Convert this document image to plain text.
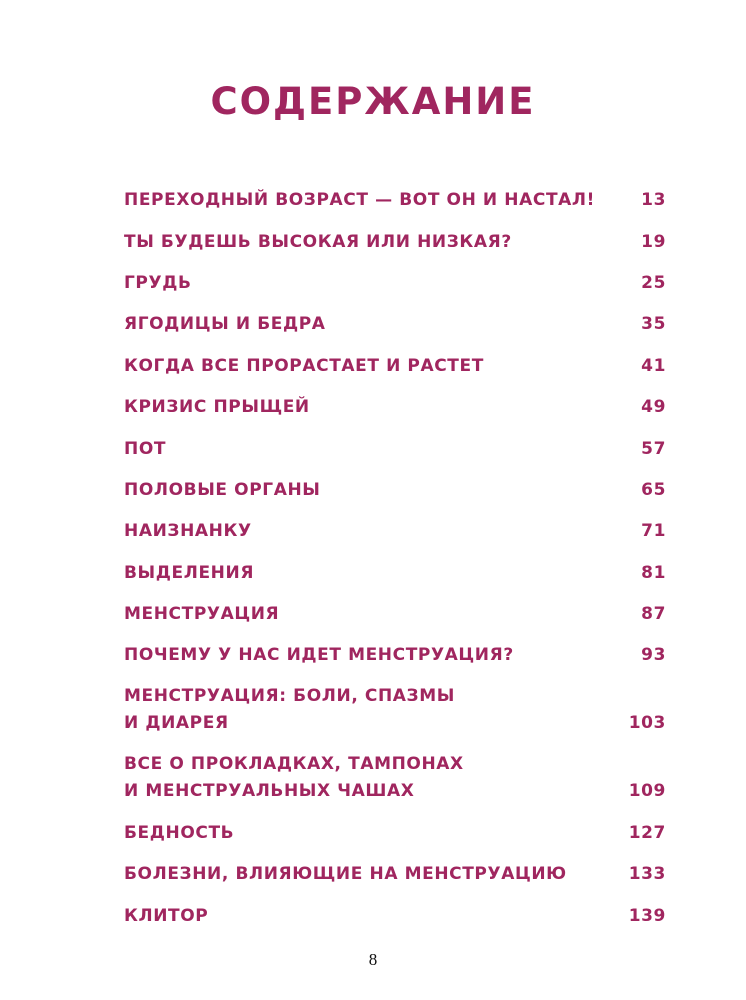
СОДЕРЖАНИЕ
ПЕРЕХОДНЫЙ ВОЗРАСТ — ВОТ ОН И НАСТАЛ!	13
ТЫ БУДЕШЬ ВЫСОКАЯ ИЛИ НИЗКАЯ?	19
ГРУДЬ	25
ЯГОДИЦЫ И БЕДРА	35
КОГДА ВСЕ ПРОРАСТАЕТ И РАСТЕТ	41
КРИЗИС ПРЫЩЕЙ	49
ПОТ	57
ПОЛОВЫЕ ОРГАНЫ	65
НАИЗНАНКУ	71
ВЫДЕЛЕНИЯ	81
МЕНСТРУАЦИЯ	87
ПОЧЕМУ У НАС ИДЕТ МЕНСТРУАЦИЯ?	93
МЕНСТРУАЦИЯ: БОЛИ, СПАЗМЫ
И ДИАРЕЯ	103
ВСЕ О ПРОКЛАДКАХ, ТАМПОНАХ
И МЕНСТРУАЛЬНЫХ ЧАШАХ	109
БЕДНОСТЬ	127
БОЛЕЗНИ, ВЛИЯЮЩИЕ НА МЕНСТРУАЦИЮ	133
КЛИТОР	139
8
